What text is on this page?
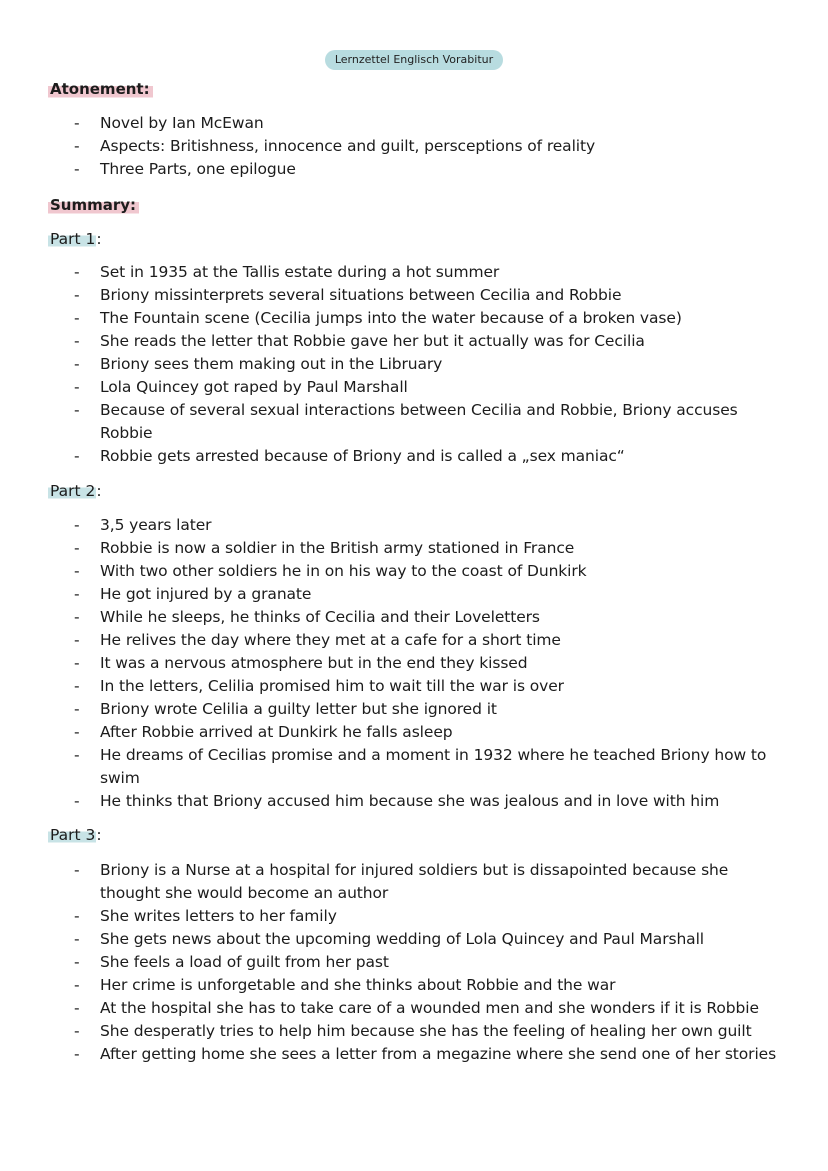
Lernzettel Englisch Vorabitur
Atonement:
- Novel by Ian McEwan
- Aspects: Britishness, innocence and guilt, persceptions of reality
- Three Parts, one epilogue
Summary:
Part 1:
- Set in 1935 at the Tallis estate during a hot summer
- Briony missinterprets several situations between Cecilia and Robbie
- The Fountain scene (Cecilia jumps into the water because of a broken vase)
- She reads the letter that Robbie gave her but it actually was for Cecilia
- Briony sees them making out in the Libruary
- Lola Quincey got raped by Paul Marshall
- Because of several sexual interactions between Cecilia and Robbie, Briony accuses Robbie
- Robbie gets arrested because of Briony and is called a „sex maniac“
Part 2:
- 3,5 years later
- Robbie is now a soldier in the British army stationed in France
- With two other soldiers he in on his way to the coast of Dunkirk
- He got injured by a granate
- While he sleeps, he thinks of Cecilia and their Loveletters
- He relives the day where they met at a cafe for a short time
- It was a nervous atmosphere but in the end they kissed
- In the letters, Celilia promised him to wait till the war is over
- Briony wrote Celilia a guilty letter but she ignored it
- After Robbie arrived at Dunkirk he falls asleep
- He dreams of Cecilias promise and a moment in 1932 where he teached Briony how to swim
- He thinks that Briony accused him because she was jealous and in love with him
Part 3:
- Briony is a Nurse at a hospital for injured soldiers but is dissapointed because she thought she would become an author
- She writes letters to her family
- She gets news about the upcoming wedding of Lola Quincey and Paul Marshall
- She feels a load of guilt from her past
- Her crime is unforgetable and she thinks about Robbie and the war
- At the hospital she has to take care of a wounded men and she wonders if it is Robbie
- She desperatly tries to help him because she has the feeling of healing her own guilt
- After getting home she sees a letter from a megazine where she send one of her stories
